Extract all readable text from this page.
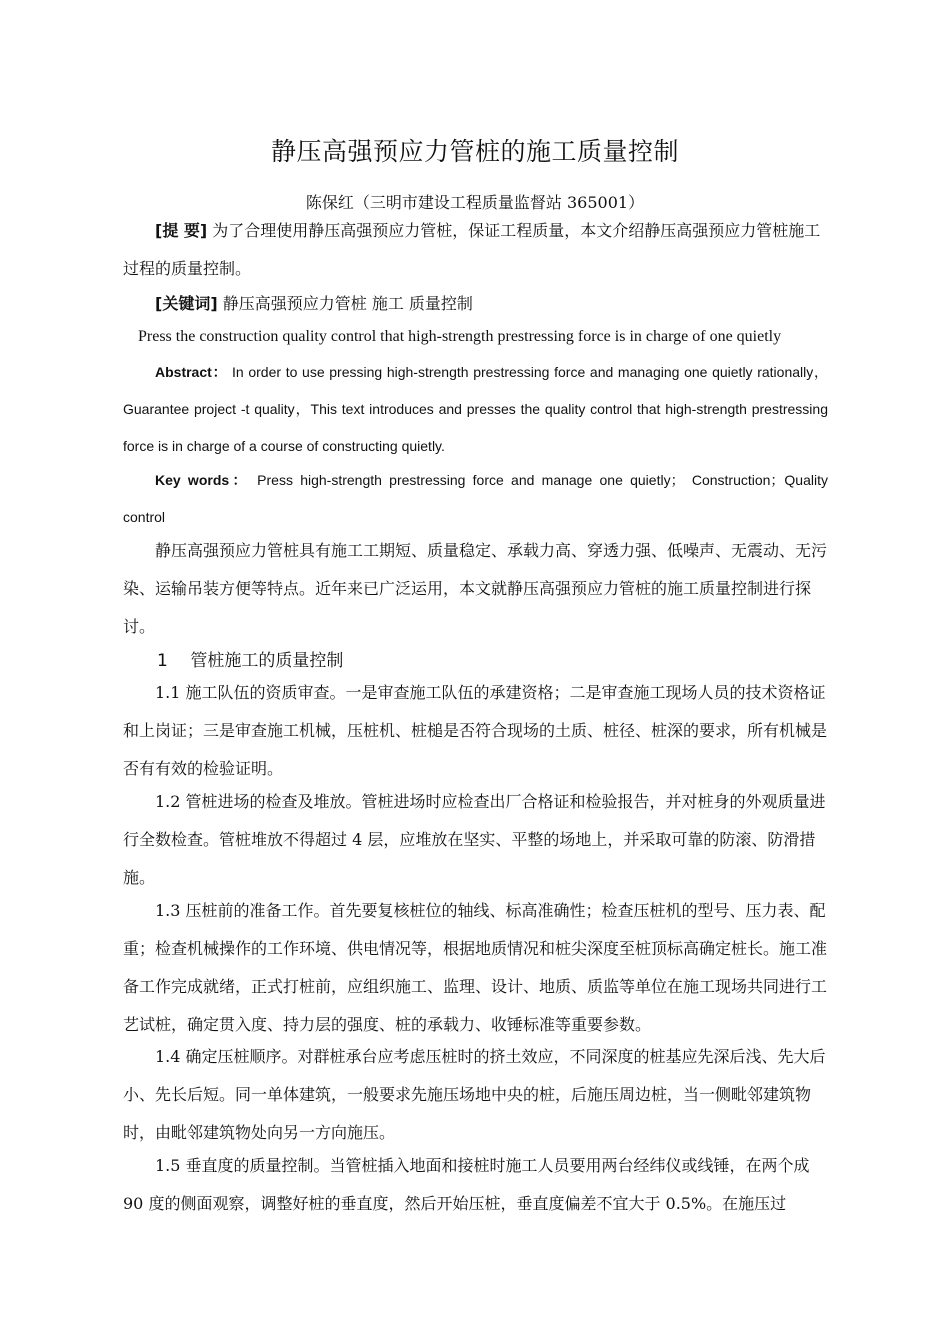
静压高强预应力管桩的施工质量控制
陈保红（三明市建设工程质量监督站 365001）
[提 要] 为了合理使用静压高强预应力管桩，保证工程质量，本文介绍静压高强预应力管桩施工过程的质量控制。
[关键词] 静压高强预应力管桩 施工 质量控制
Press the construction quality control that high-strength prestressing force is in charge of one quietly
Abstract： In order to use pressing high-strength prestressing force and managing one quietly rationally，Guarantee project -t quality，This text introduces and presses the quality control that high-strength prestressing force is in charge of a course of constructing quietly.
Key words： Press high-strength prestressing force and manage one quietly； Construction；Quality control
静压高强预应力管桩具有施工工期短、质量稳定、承载力高、穿透力强、低噪声、无震动、无污染、运输吊装方便等特点。近年来已广泛运用，本文就静压高强预应力管桩的施工质量控制进行探讨。
1 管桩施工的质量控制
1.1 施工队伍的资质审查。一是审查施工队伍的承建资格；二是审查施工现场人员的技术资格证和上岗证；三是审查施工机械，压桩机、桩槌是否符合现场的土质、桩径、桩深的要求，所有机械是否有有效的检验证明。
1.2 管桩进场的检查及堆放。管桩进场时应检查出厂合格证和检验报告，并对桩身的外观质量进行全数检查。管桩堆放不得超过 4 层，应堆放在坚实、平整的场地上，并采取可靠的防滚、防滑措施。
1.3 压桩前的准备工作。首先要复核桩位的轴线、标高准确性；检查压桩机的型号、压力表、配重；检查机械操作的工作环境、供电情况等，根据地质情况和桩尖深度至桩顶标高确定桩长。施工准备工作完成就绪，正式打桩前，应组织施工、监理、设计、地质、质监等单位在施工现场共同进行工艺试桩，确定贯入度、持力层的强度、桩的承载力、收锤标准等重要参数。
1.4 确定压桩顺序。对群桩承台应考虑压桩时的挤土效应，不同深度的桩基应先深后浅、先大后小、先长后短。同一单体建筑，一般要求先施压场地中央的桩，后施压周边桩，当一侧毗邻建筑物时，由毗邻建筑物处向另一方向施压。
1.5 垂直度的质量控制。当管桩插入地面和接桩时施工人员要用两台经纬仪或线锤，在两个成 90 度的侧面观察，调整好桩的垂直度，然后开始压桩，垂直度偏差不宜大于 0.5%。在施压过
